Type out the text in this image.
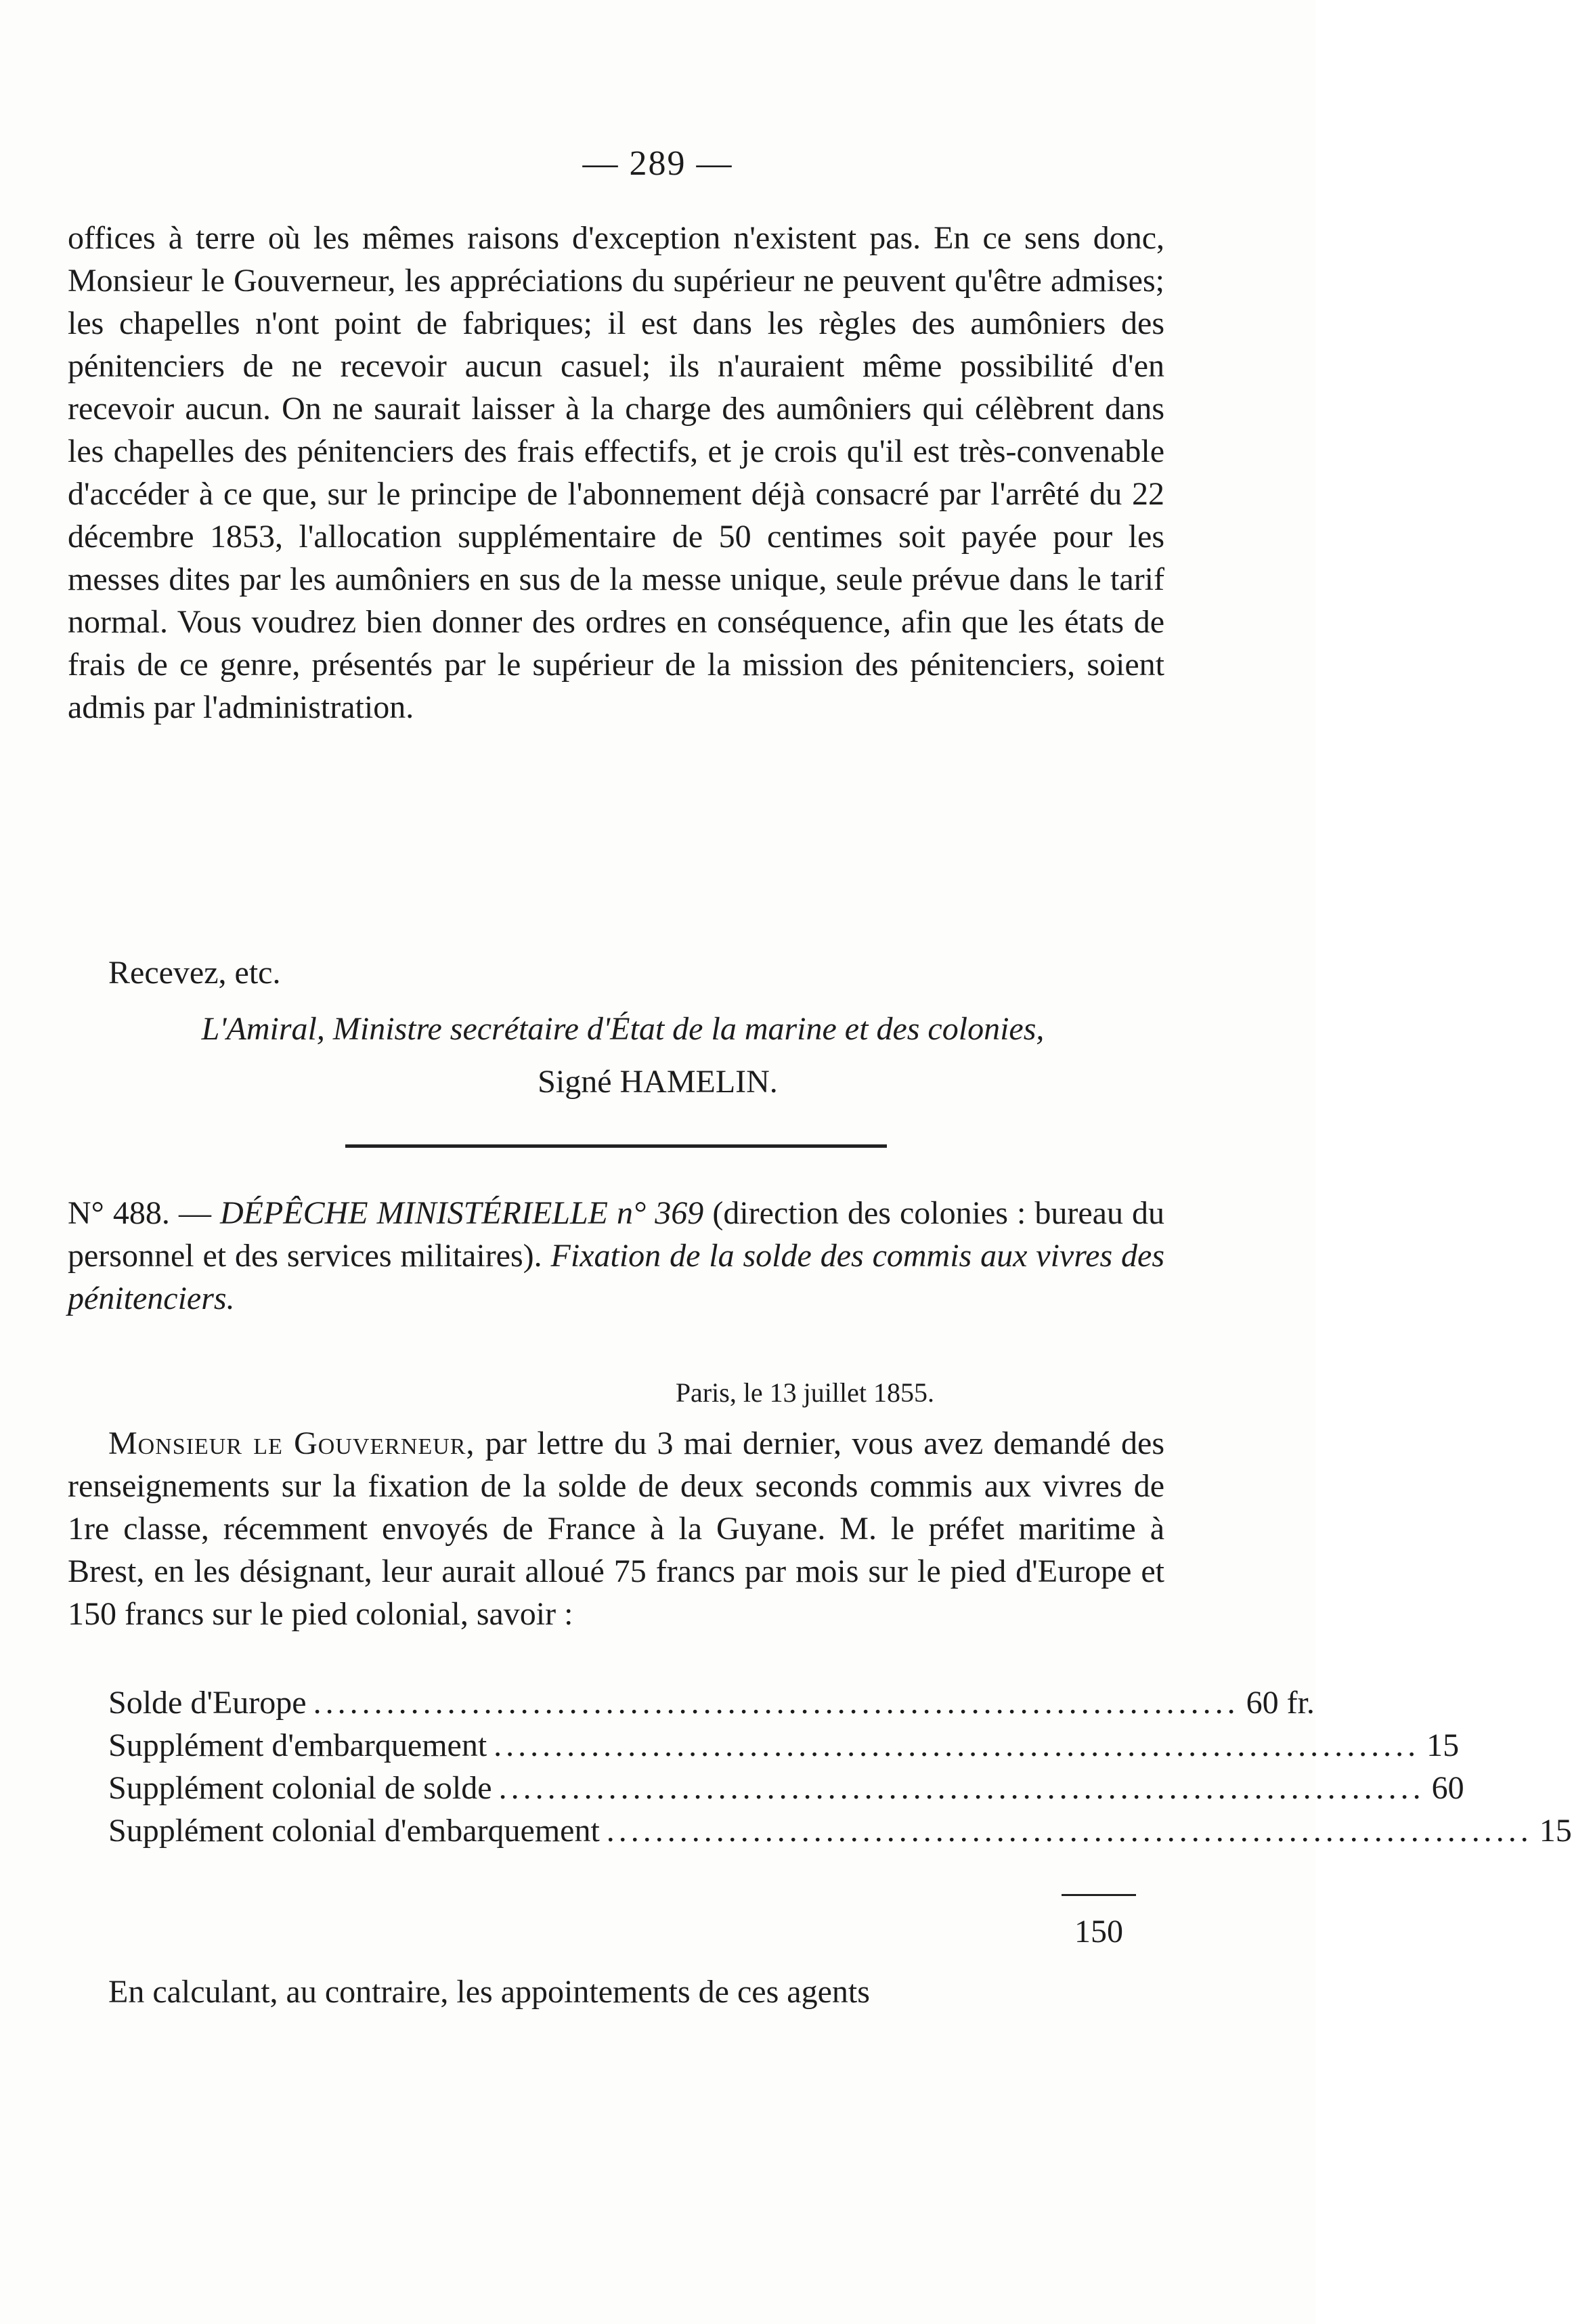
— 289 —

offices à terre où les mêmes raisons d'exception n'existent pas. En ce sens donc, Monsieur le Gouverneur, les appréciations du supérieur ne peuvent qu'être admises; les chapelles n'ont point de fabriques; il est dans les règles des aumôniers des pénitenciers de ne recevoir aucun casuel; ils n'auraient même possibilité d'en recevoir aucun. On ne saurait laisser à la charge des aumôniers qui célèbrent dans les chapelles des pénitenciers des frais effectifs, et je crois qu'il est très-convenable d'accéder à ce que, sur le principe de l'abonnement déjà consacré par l'arrêté du 22 décembre 1853, l'allocation supplémentaire de 50 centimes soit payée pour les messes dites par les aumôniers en sus de la messe unique, seule prévue dans le tarif normal. Vous voudrez bien donner des ordres en conséquence, afin que les états de frais de ce genre, présentés par le supérieur de la mission des pénitenciers, soient admis par l'administration.

Recevez, etc.

L'Amiral, Ministre secrétaire d'État de la marine et des colonies,
Signé HAMELIN.

N° 488. — DÉPÊCHE MINISTÉRIELLE n° 369 (direction des colonies : bureau du personnel et des services militaires). Fixation de la solde des commis aux vivres des pénitenciers.

Paris, le 13 juillet 1855.

Monsieur le Gouverneur, par lettre du 3 mai dernier, vous avez demandé des renseignements sur la fixation de la solde de deux seconds commis aux vivres de 1re classe, récemment envoyés de France à la Guyane. M. le préfet maritime à Brest, en les désignant, leur aurait alloué 75 francs par mois sur le pied d'Europe et 150 francs sur le pied colonial, savoir :

Solde d'Europe ............................................................................ 60 fr.
Supplément d'embarquement ............................................................................ 15
Supplément colonial de solde ............................................................................ 60
Supplément colonial d'embarquement ............................................................................ 15
150

En calculant, au contraire, les appointements de ces agents
